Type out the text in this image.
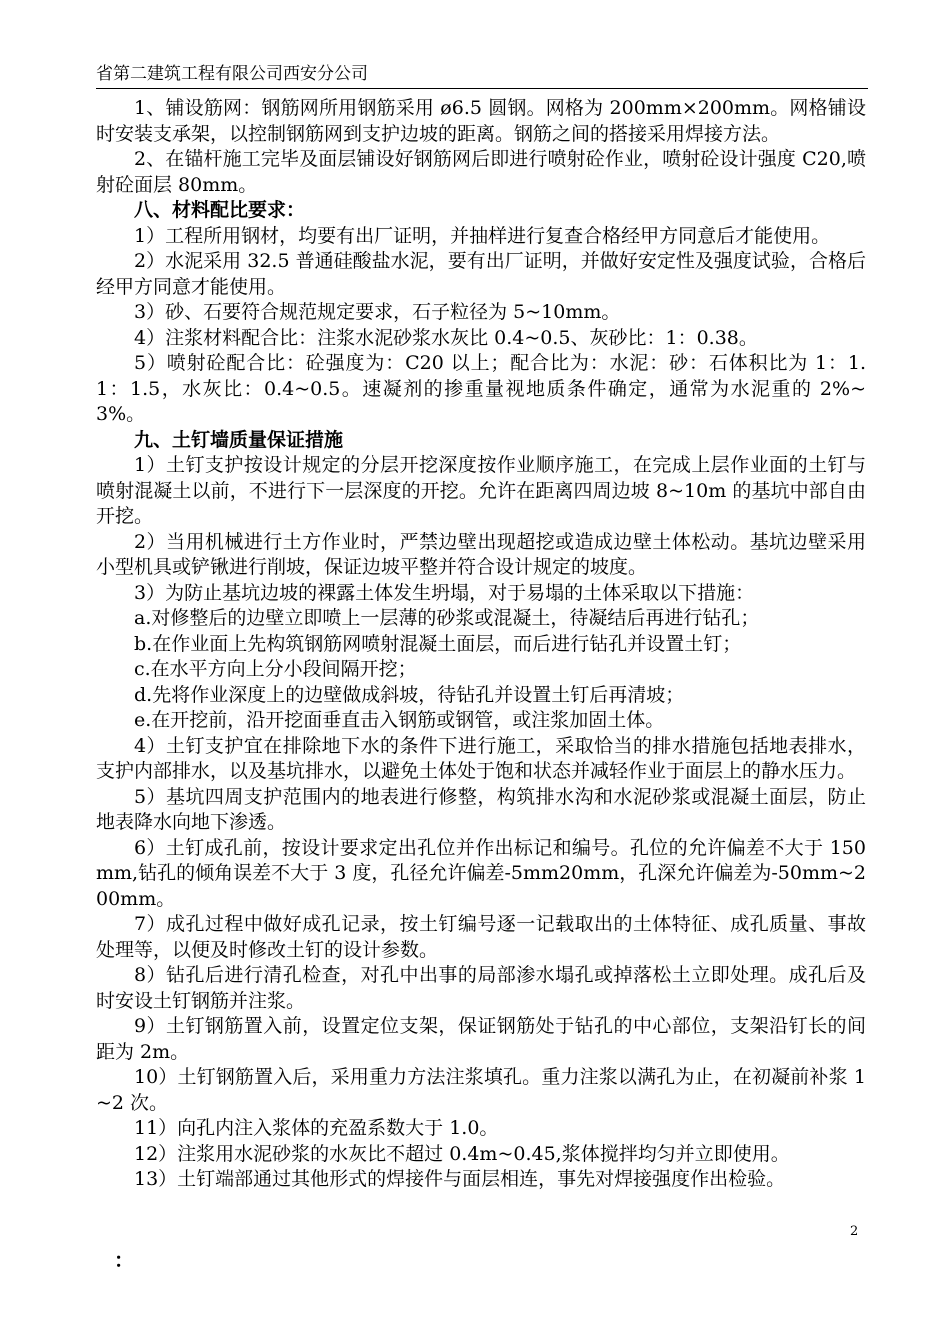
省第二建筑工程有限公司西安分公司

1、铺设筋网：钢筋网所用钢筋采用 ø6.5 圆钢。网格为 200mm×200mm。网格铺设时安装支承架，以控制钢筋网到支护边坡的距离。钢筋之间的搭接采用焊接方法。

2、在锚杆施工完毕及面层铺设好钢筋网后即进行喷射砼作业，喷射砼设计强度 C20,喷射砼面层 80mm。

八、材料配比要求：

1）工程所用钢材，均要有出厂证明，并抽样进行复查合格经甲方同意后才能使用。

2）水泥采用 32.5 普通硅酸盐水泥，要有出厂证明，并做好安定性及强度试验，合格后经甲方同意才能使用。

3）砂、石要符合规范规定要求，石子粒径为 5~10mm。

4）注浆材料配合比：注浆水泥砂浆水灰比 0.4~0.5、灰砂比：1：0.38。

5）喷射砼配合比：砼强度为：C20 以上；配合比为：水泥：砂：石体积比为 1：1.1：1.5，水灰比：0.4~0.5。速凝剂的掺重量视地质条件确定，通常为水泥重的 2%~3%。

九、土钉墙质量保证措施

1）土钉支护按设计规定的分层开挖深度按作业顺序施工，在完成上层作业面的土钉与喷射混凝土以前，不进行下一层深度的开挖。允许在距离四周边坡 8~10m 的基坑中部自由开挖。

2）当用机械进行土方作业时，严禁边壁出现超挖或造成边壁土体松动。基坑边壁采用小型机具或铲锹进行削坡，保证边坡平整并符合设计规定的坡度。

3）为防止基坑边坡的裸露土体发生坍塌，对于易塌的土体采取以下措施：

a.对修整后的边壁立即喷上一层薄的砂浆或混凝土，待凝结后再进行钻孔；

b.在作业面上先构筑钢筋网喷射混凝土面层，而后进行钻孔并设置土钉；

c.在水平方向上分小段间隔开挖；

d.先将作业深度上的边壁做成斜坡，待钻孔并设置土钉后再清坡；

e.在开挖前，沿开挖面垂直击入钢筋或钢管，或注浆加固土体。

4）土钉支护宜在排除地下水的条件下进行施工，采取恰当的排水措施包括地表排水，支护内部排水，以及基坑排水，以避免土体处于饱和状态并减轻作业于面层上的静水压力。

5）基坑四周支护范围内的地表进行修整，构筑排水沟和水泥砂浆或混凝土面层，防止地表降水向地下渗透。

6）土钉成孔前，按设计要求定出孔位并作出标记和编号。孔位的允许偏差不大于 150mm,钻孔的倾角误差不大于 3 度，孔径允许偏差-5mm20mm，孔深允许偏差为-50mm~200mm。

7）成孔过程中做好成孔记录，按土钉编号逐一记载取出的土体特征、成孔质量、事故处理等，以便及时修改土钉的设计参数。

8）钻孔后进行清孔检查，对孔中出事的局部渗水塌孔或掉落松土立即处理。成孔后及时安设土钉钢筋并注浆。

9）土钉钢筋置入前，设置定位支架，保证钢筋处于钻孔的中心部位，支架沿钉长的间距为 2m。

10）土钉钢筋置入后，采用重力方法注浆填孔。重力注浆以满孔为止，在初凝前补浆 1~2 次。

11）向孔内注入浆体的充盈系数大于 1.0。

12）注浆用水泥砂浆的水灰比不超过 0.4m~0.45,浆体搅拌均匀并立即使用。

13）土钉端部通过其他形式的焊接件与面层相连，事先对焊接强度作出检验。

2
：
